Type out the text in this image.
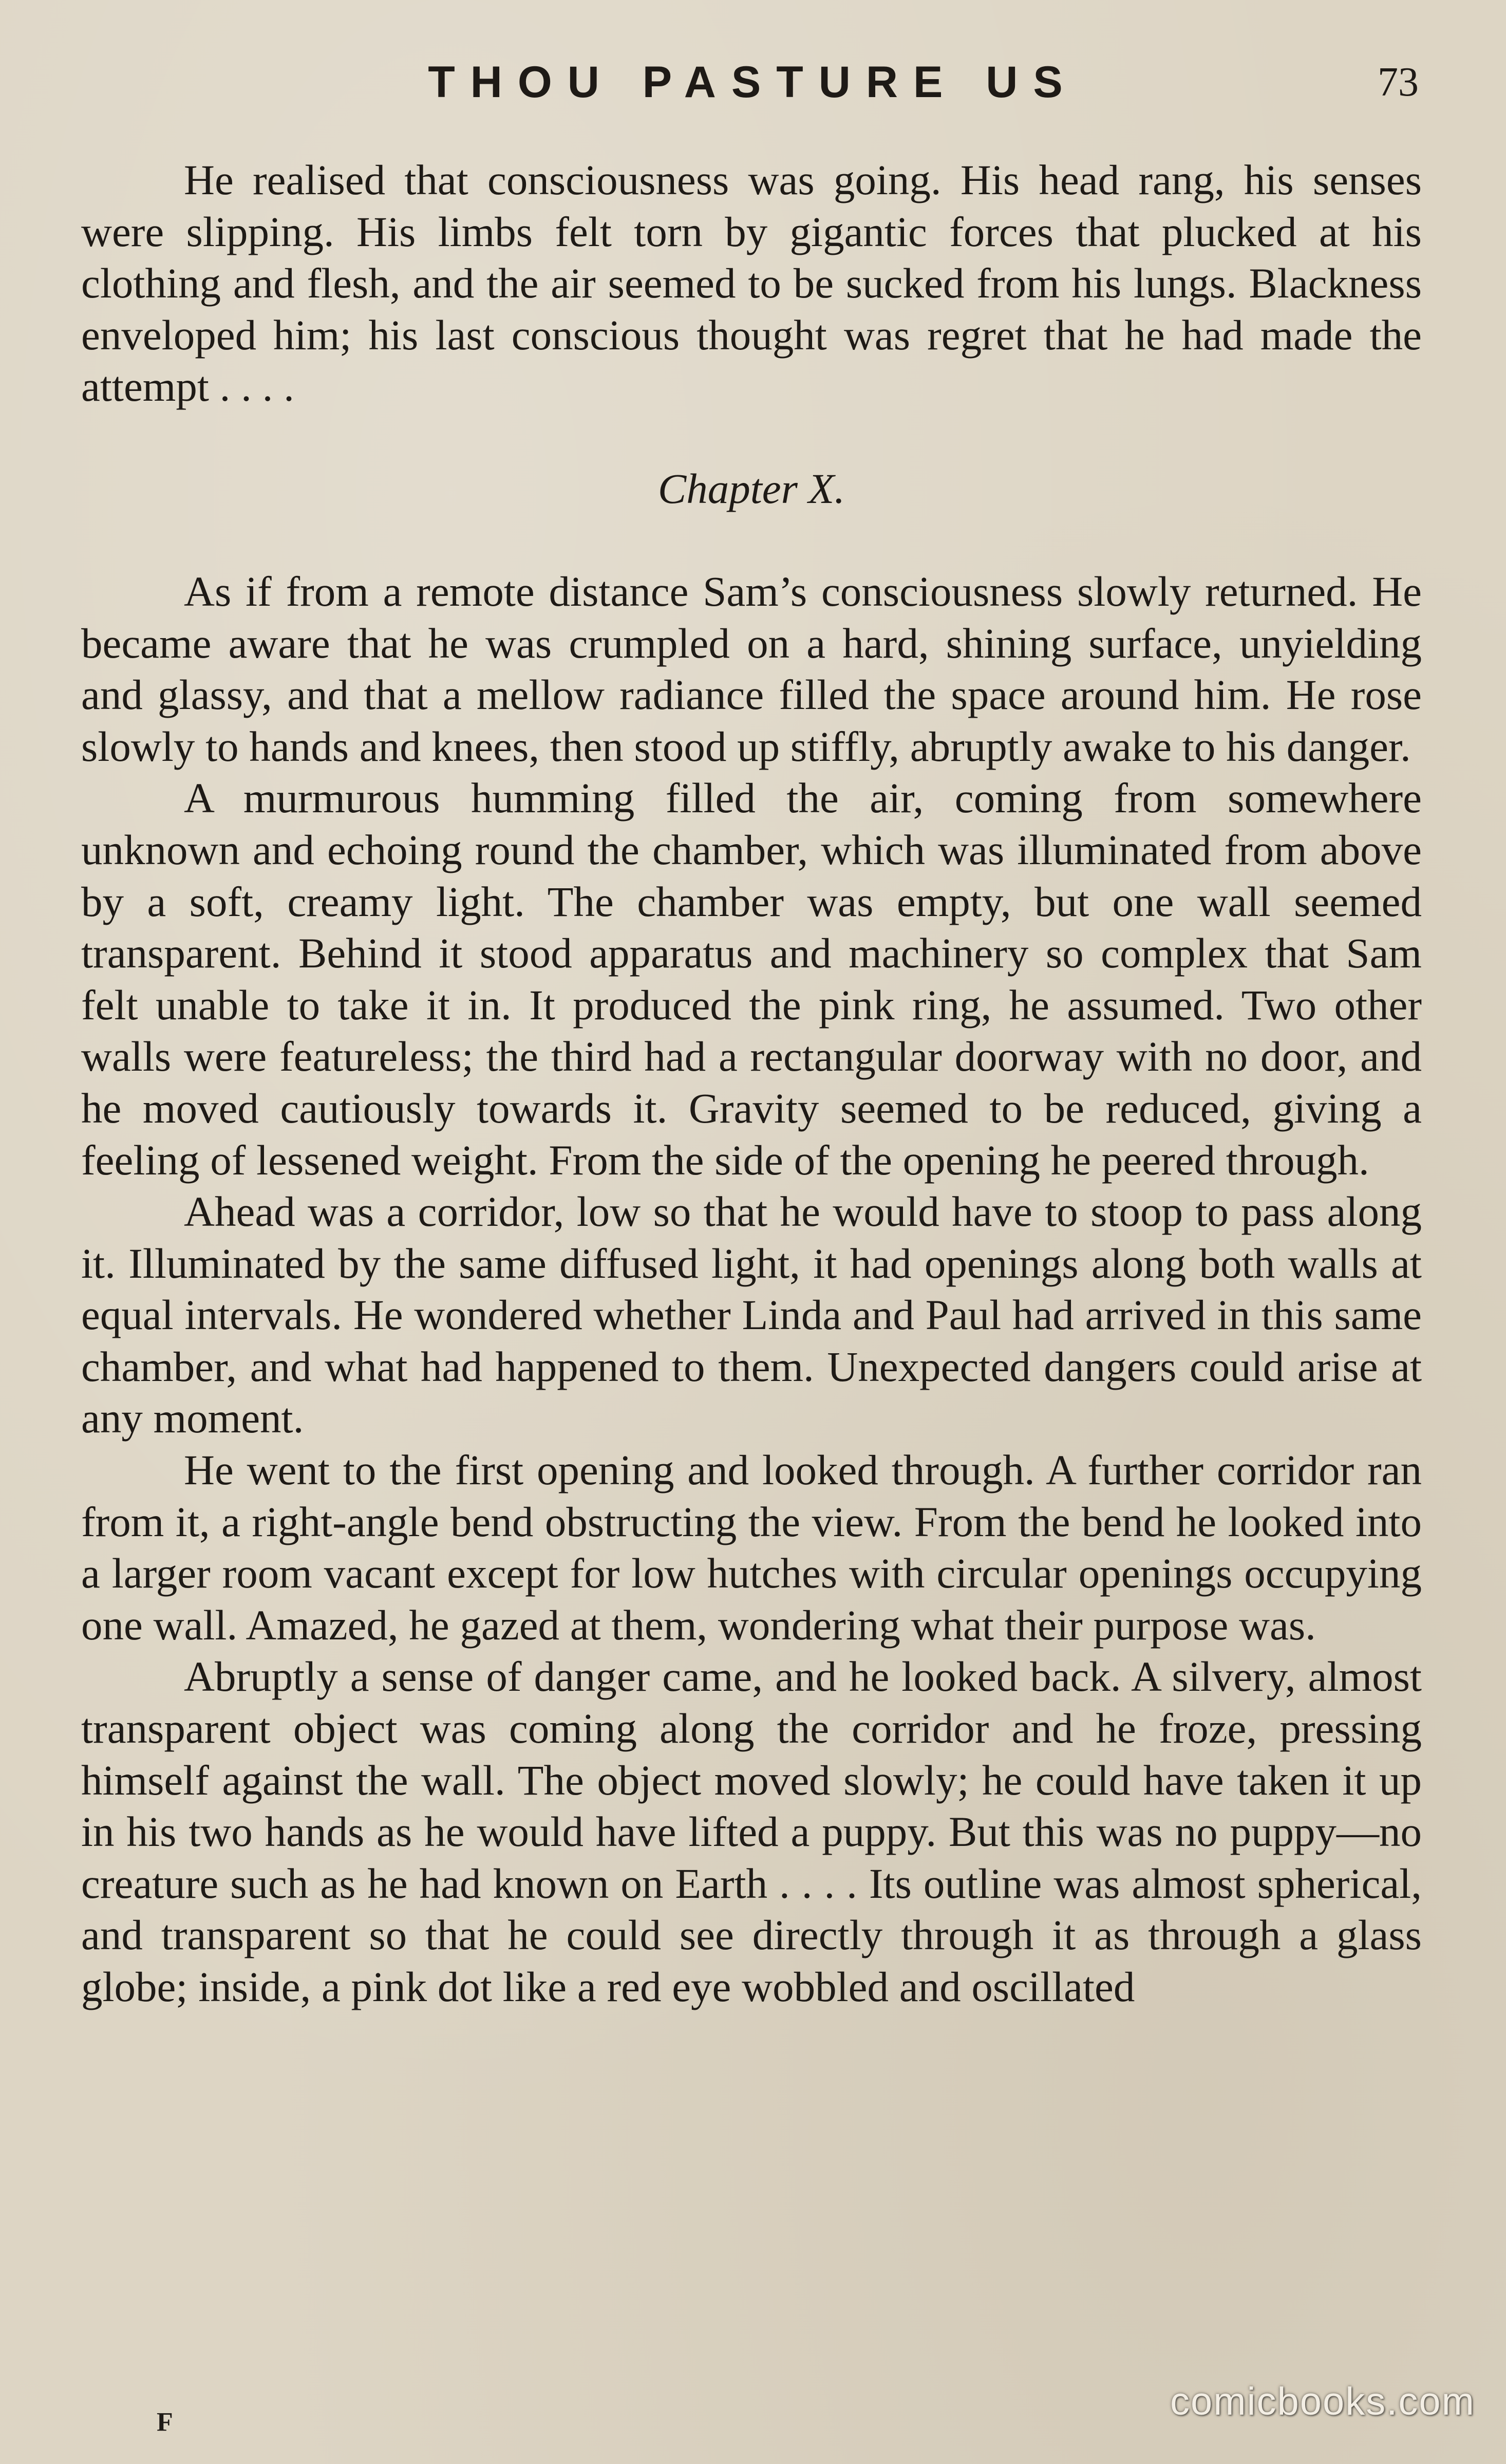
THOU PASTURE US	73

He realised that consciousness was going. His head rang, his senses were slipping. His limbs felt torn by gigantic forces that plucked at his clothing and flesh, and the air seemed to be sucked from his lungs. Blackness enveloped him; his last conscious thought was regret that he had made the attempt . . . .

Chapter X.

As if from a remote distance Sam’s consciousness slowly returned. He became aware that he was crumpled on a hard, shining surface, unyielding and glassy, and that a mellow radiance filled the space around him. He rose slowly to hands and knees, then stood up stiffly, abruptly awake to his danger.

A murmurous humming filled the air, coming from somewhere unknown and echoing round the chamber, which was illuminated from above by a soft, creamy light. The chamber was empty, but one wall seemed transparent. Behind it stood apparatus and machinery so complex that Sam felt unable to take it in. It produced the pink ring, he assumed. Two other walls were featureless; the third had a rectangular doorway with no door, and he moved cautiously towards it. Gravity seemed to be reduced, giving a feeling of lessened weight. From the side of the opening he peered through.

Ahead was a corridor, low so that he would have to stoop to pass along it. Illuminated by the same diffused light, it had openings along both walls at equal intervals. He wondered whether Linda and Paul had arrived in this same chamber, and what had happened to them. Unexpected dangers could arise at any moment.

He went to the first opening and looked through. A further corridor ran from it, a right-angle bend obstructing the view. From the bend he looked into a larger room vacant except for low hutches with circular openings occupying one wall. Amazed, he gazed at them, wondering what their purpose was.

Abruptly a sense of danger came, and he looked back. A silvery, almost transparent object was coming along the corridor and he froze, pressing himself against the wall. The object moved slowly; he could have taken it up in his two hands as he would have lifted a puppy. But this was no puppy—no creature such as he had known on Earth . . . . Its outline was almost spherical, and transparent so that he could see directly through it as through a glass globe; inside, a pink dot like a red eye wobbled and oscillated

F	comicbooks.com
